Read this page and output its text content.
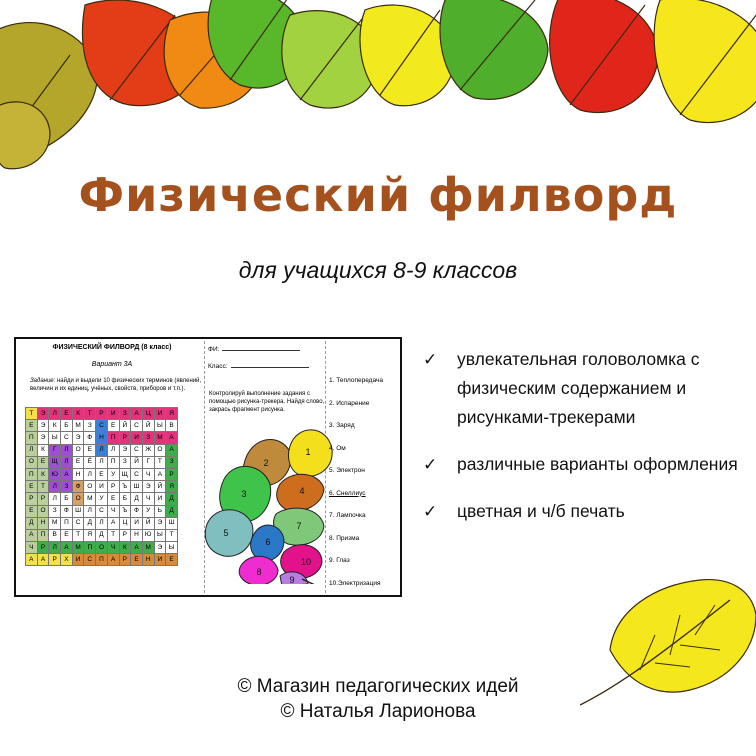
Физический филворд
для учащихся 8-9 классов
ФИЗИЧЕСКИЙ ФИЛВОРД (8 класс)
Вариант 3А
Задание: найди и выдели 10 физических терминов (явлений, величин и их единиц, учёных, свойств, приборов и т.п.).
Т	Э	Л	Е	К	Т	Р	И	З	А	Ц	И	Я
Е	Э	К	Б	М	З	С	Е	Й	С	Й	Ы	В
П	Э	Ы	С	Э	Ф	Н	П	Р	И	З	М	А
Л	К	Г	Л	О	Е	Л	Л	Э	С	Ж	О	А
О	Е	Щ	Л	Е	Ё	Л	П	З	Й	Г	Т	З
П	К	Ю	А	Н	Л	Е	У	Щ	С	Ч	А	Р
Е	Т	Л	З	Ф	О	И	Р	Ъ	Ш	Э	Й	Я
Р	Р	Л	Б	О	М	У	Е	Б	Д	Ч	И	Д
Е	О	З	Ф	Ш	Л	С	Ч	Ъ	Ф	У	Ь	Д
Д	Н	М	П	С	Д	Л	А	Ц	И	Й	Э	Ш
А	П	В	Е	Т	Я	Д	Т	Р	Н	Ю	Ы	Т
Ч	Р	Л	А	М	П	О	Ч	К	А	М	Э	Ы
А	А	Р	Х	И	С	П	А	Р	Е	Н	И	Е
ФИ:
Класс:
Контролируй выполнение задания с помощью рисунка-трекера. Найдя слово, закрась фрагмент рисунка.
1
2
3	4
5
6
7
8
9
10
1. Теплопередача
2. Испарение
3. Заряд
4. Ом
5. Электрон
6. Снеллиус
7. Лампочка
8. Призма
9. Глаз
10.Электризация
✓ увлекательная головоломка с физическим содержанием и рисунками-трекерами
✓ различные варианты оформления
✓ цветная и ч/б печать
© Магазин педагогических идей
© Наталья Ларионова
